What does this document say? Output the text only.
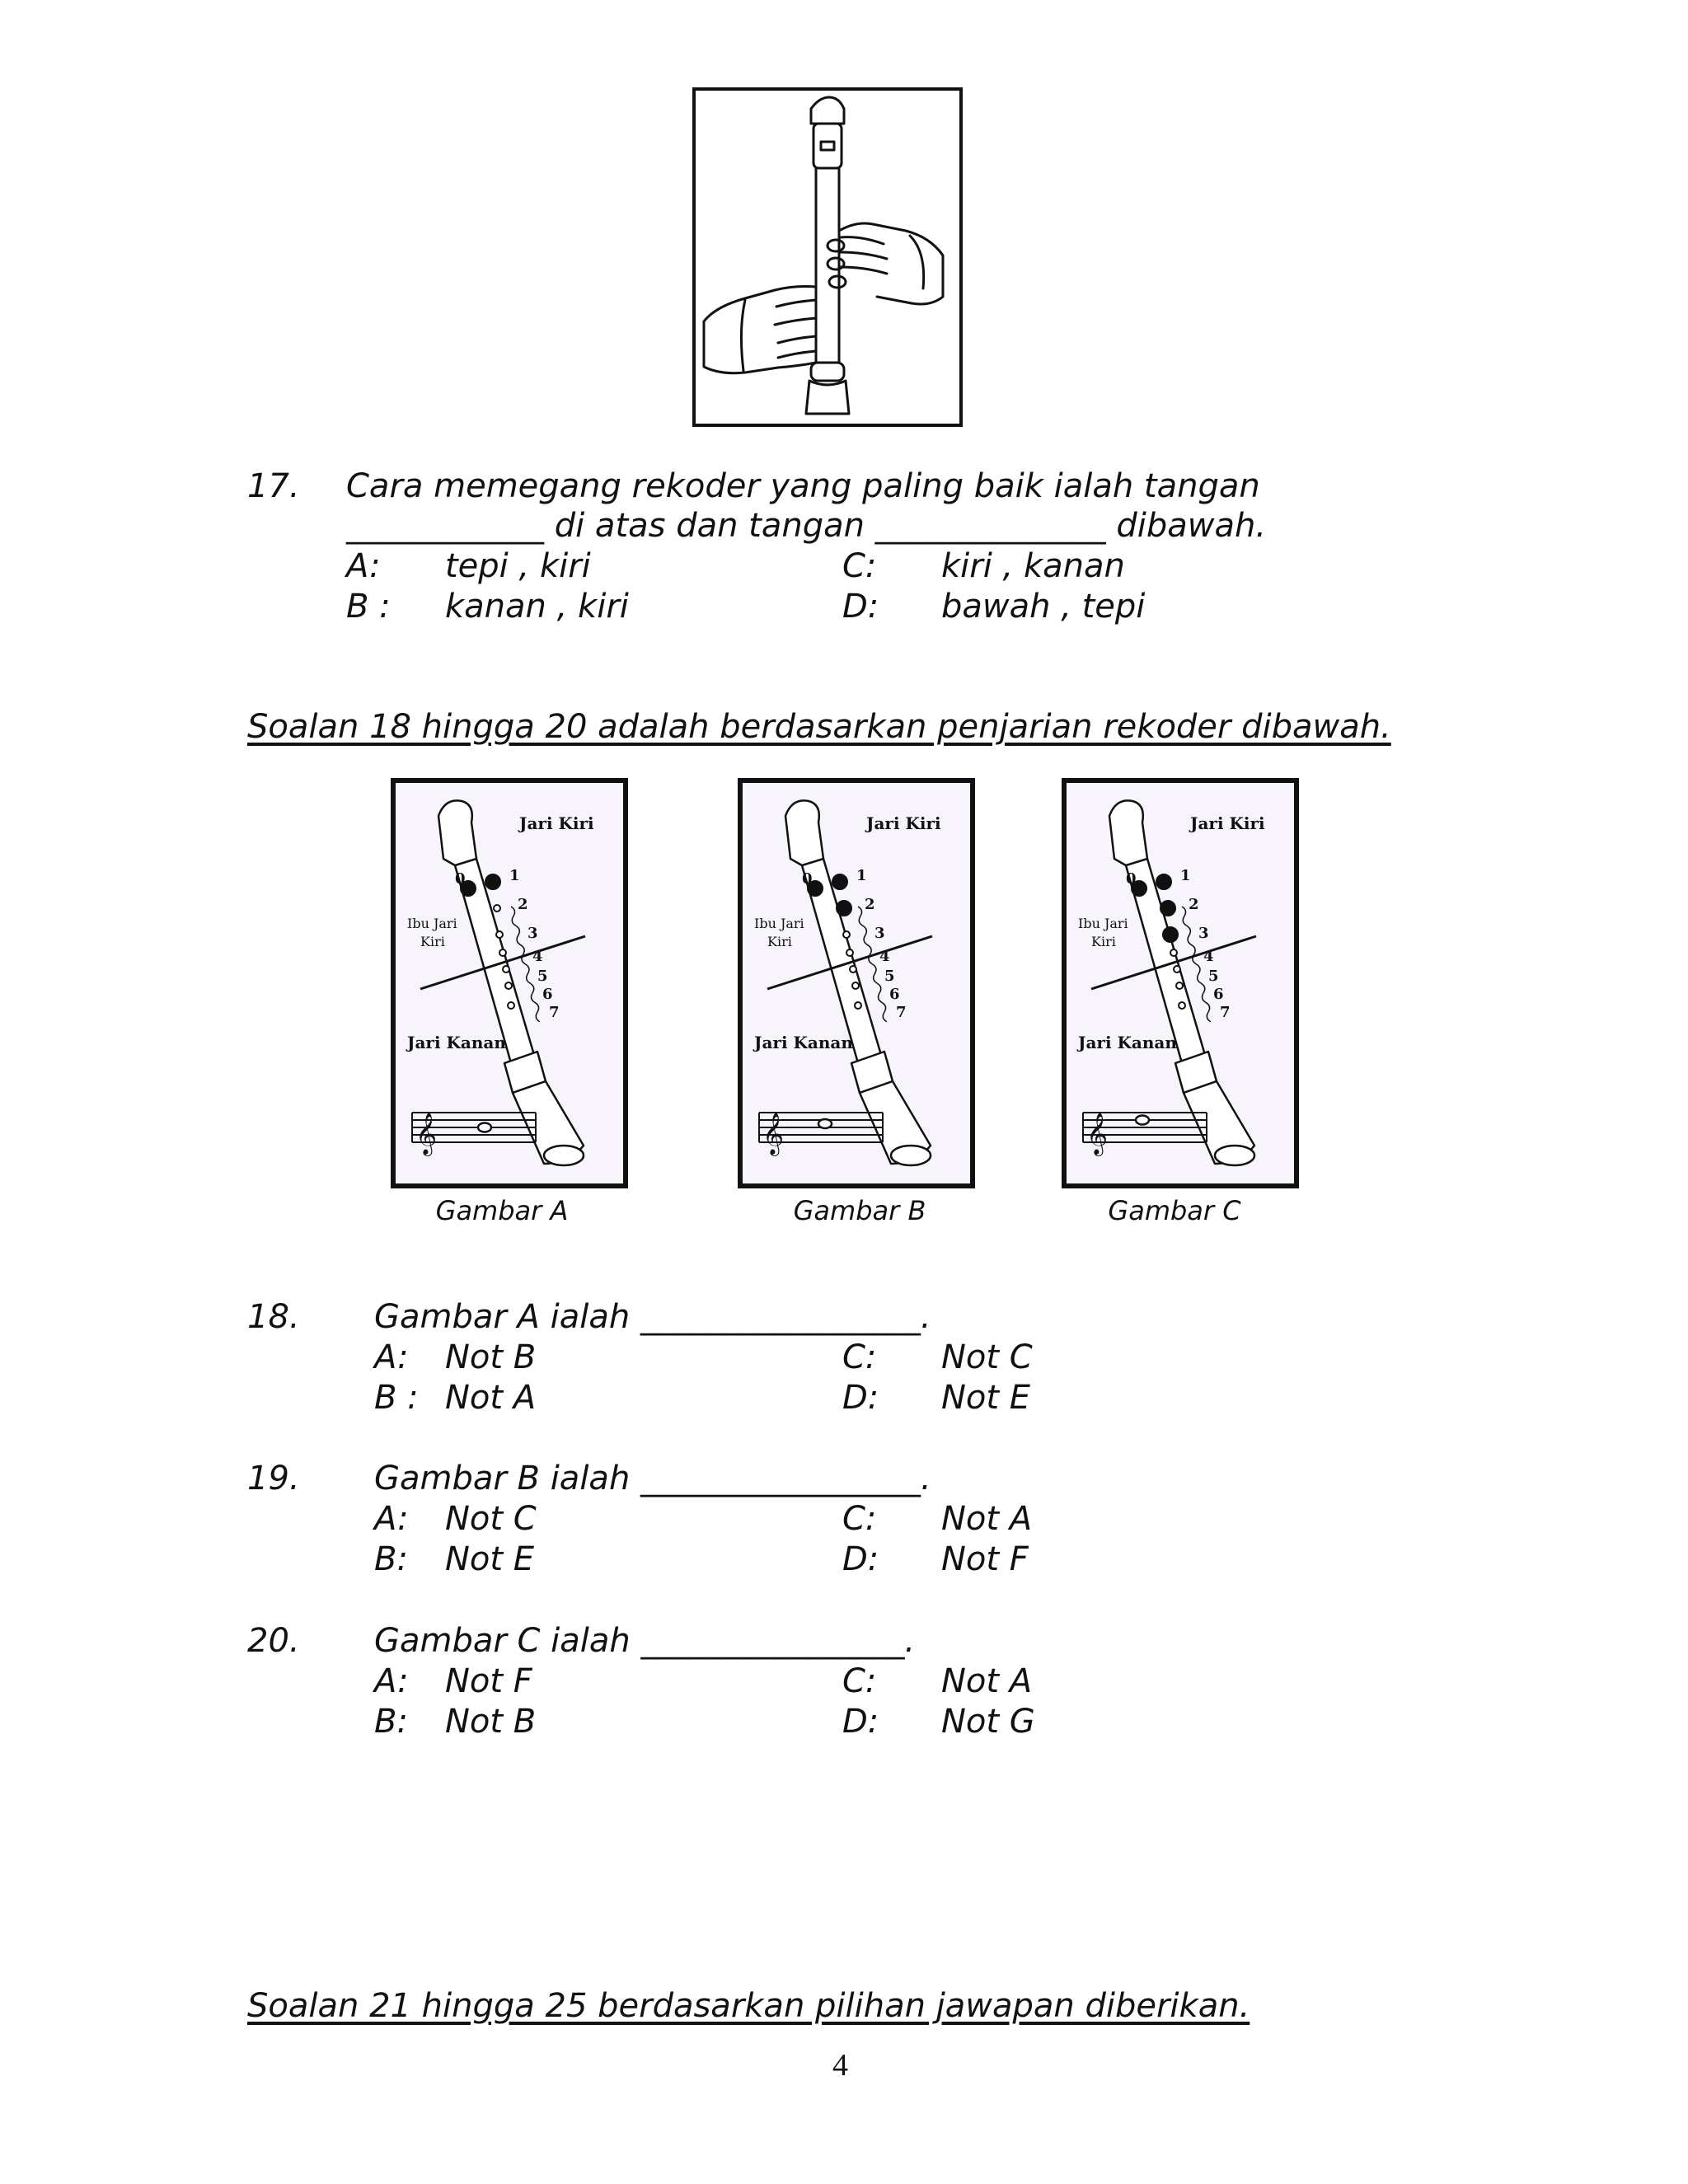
17. Cara memegang rekoder yang paling baik ialah tangan
____________ di atas dan tangan ______________ dibawah.
A: tepi , kiri	C: kiri , kanan
B : kanan , kiri	D: bawah , tepi
Soalan 18 hingga 20 adalah berdasarkan penjarian rekoder dibawah.
0	1
2
3
4
5
6
7
Jari Kiri
Ibu Jari
Kiri
Jari Kanan
𝄞
0	1
2
3
4
5
6
7
Jari Kiri
Ibu Jari
Kiri
Jari Kanan
𝄞
0	1
2
3
4
5
6
7
Jari Kiri
Ibu Jari
Kiri
Jari Kanan
𝄞
Gambar A	Gambar B	Gambar C
18. Gambar A ialah _________________.
A: Not B	C: Not C
B : Not A	D: Not E
19. Gambar B ialah _________________.
A: Not C	C: Not A
B: Not E	D: Not F
20. Gambar C ialah ________________.
A: Not F	C: Not A
B: Not B	D: Not G
Soalan 21 hingga 25 berdasarkan pilihan jawapan diberikan.
4
